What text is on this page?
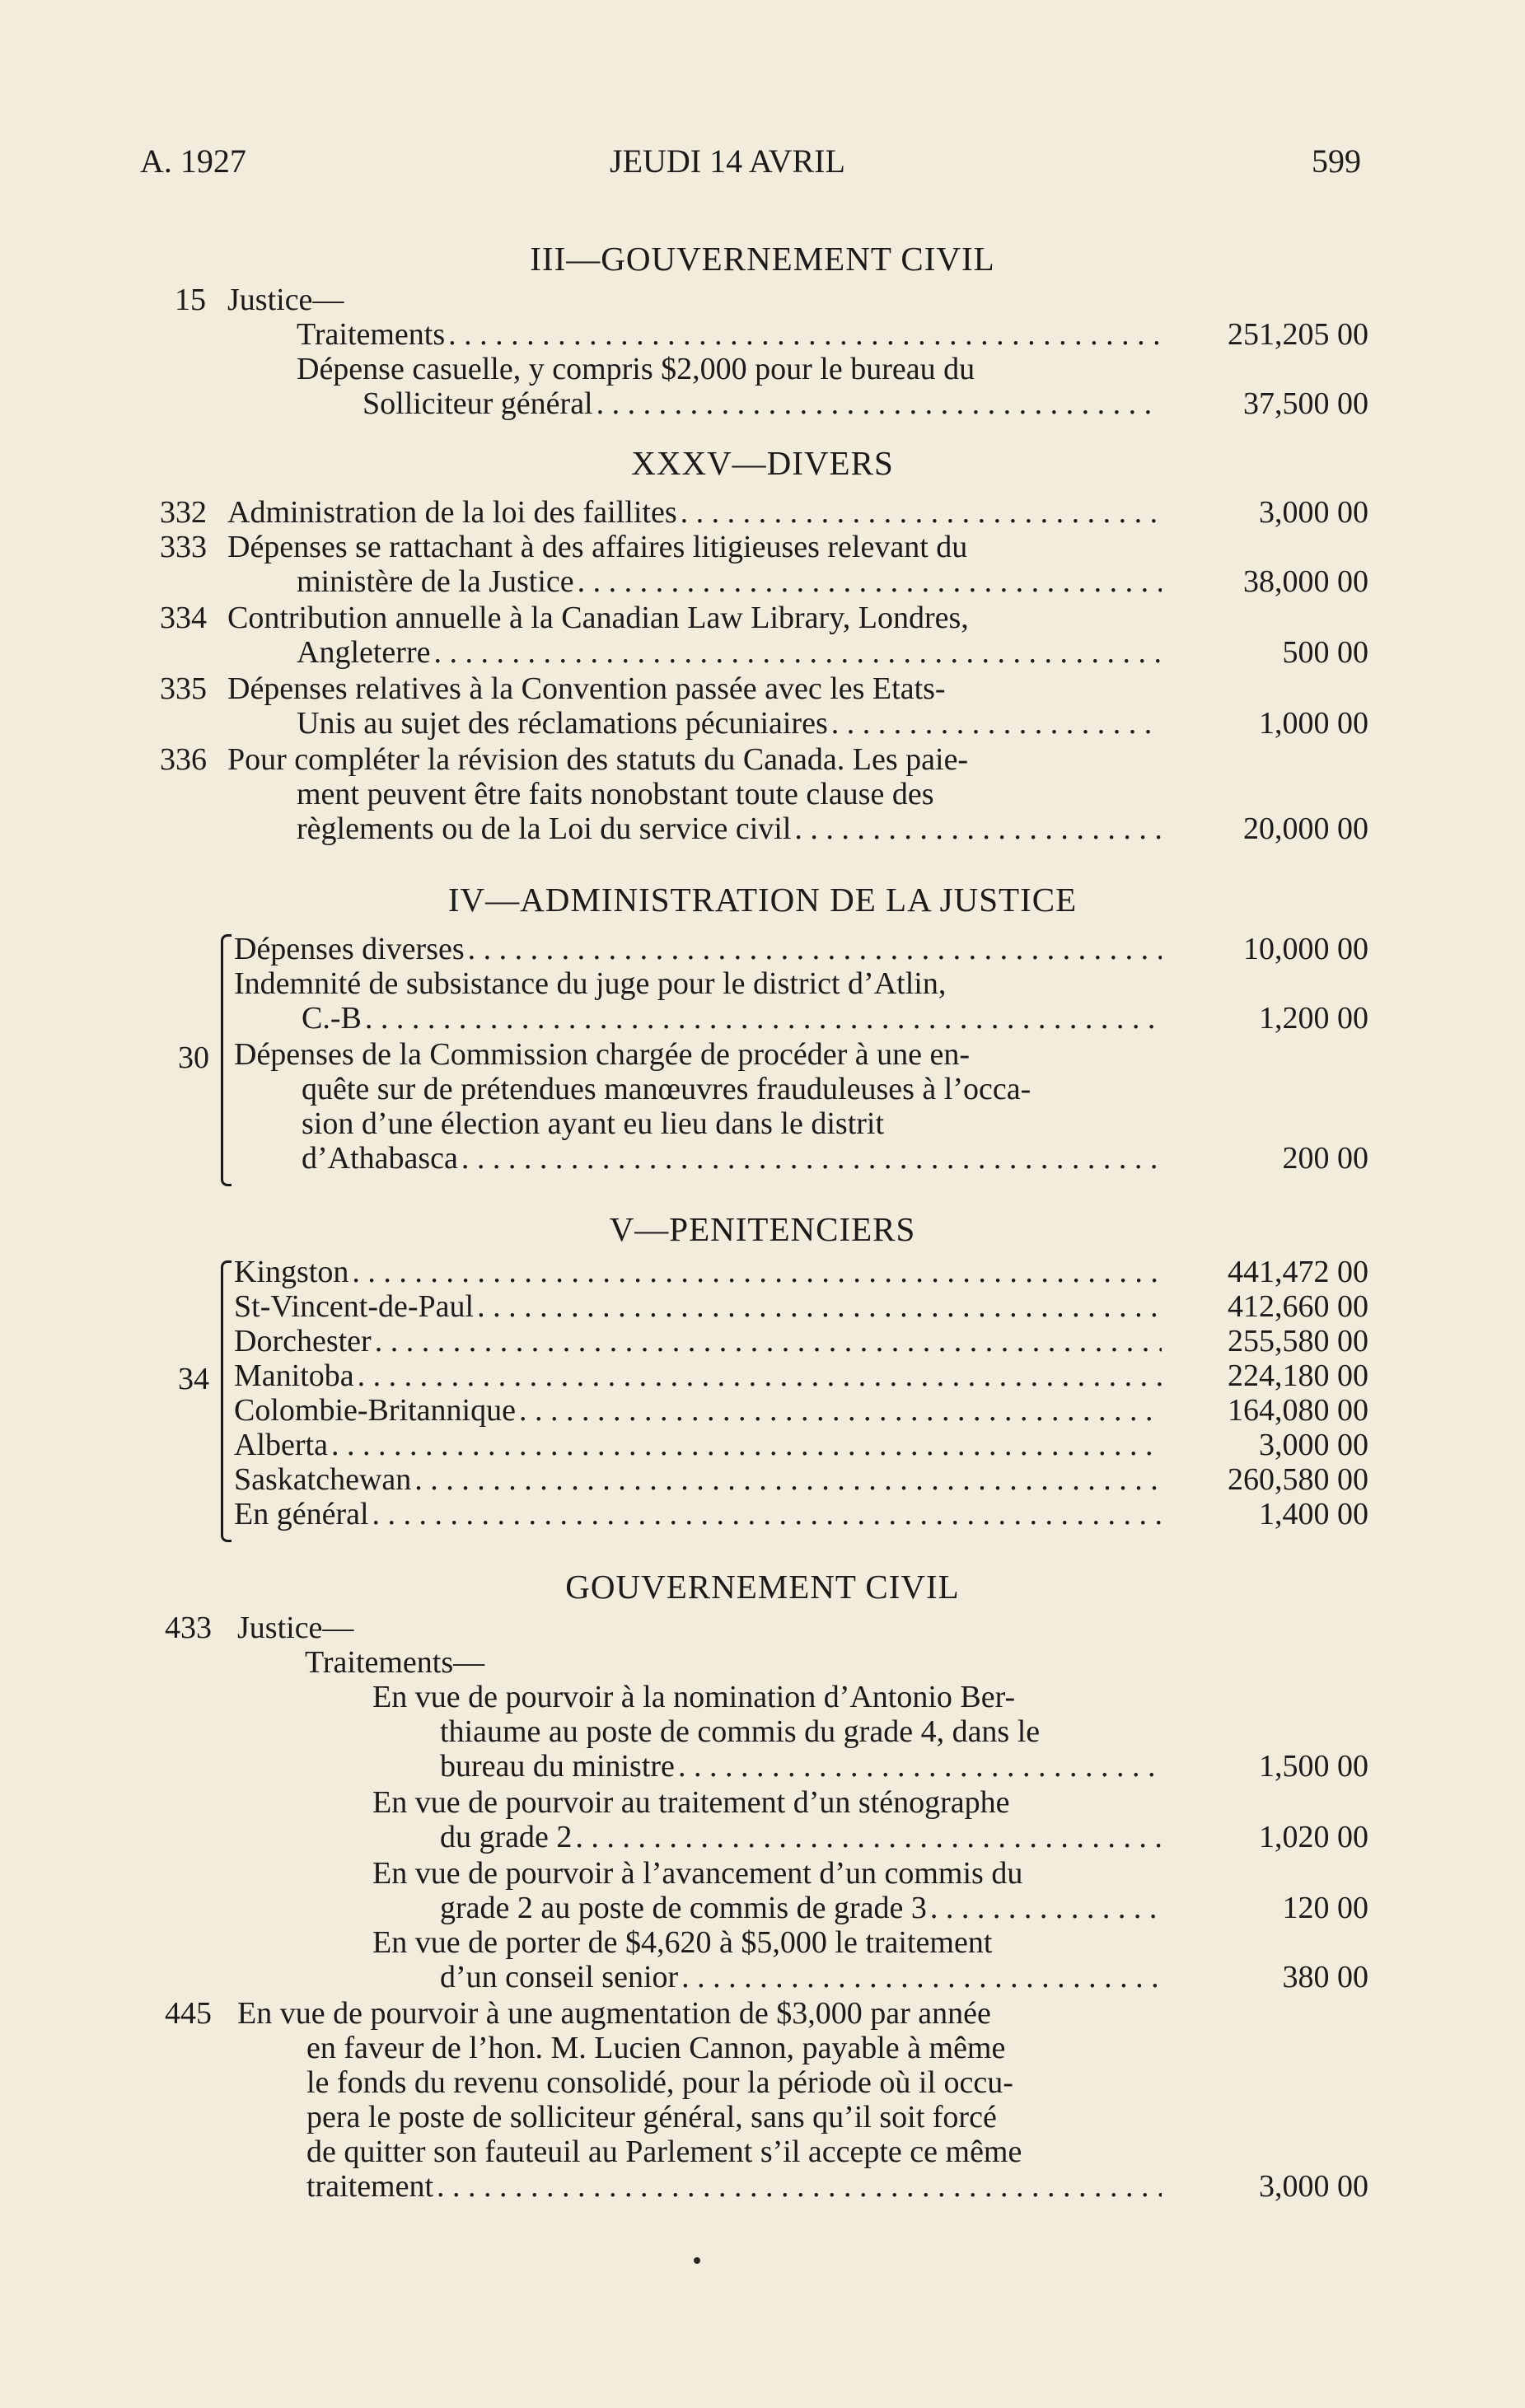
A. 1927	JEUDI 14 AVRIL	599
III—GOUVERNEMENT CIVIL
15 Justice—
Traitements . . .	251,205 00
Dépense casuelle, y compris $2,000 pour le bureau du
Solliciteur général . . .	37,500 00
XXXV—DIVERS
332 Administration de la loi des faillites . . .	3,000 00
333 Dépenses se rattachant à des affaires litigieuses relevant du
ministère de la Justice . . .	38,000 00
334 Contribution annuelle à la Canadian Law Library, Londres,
Angleterre . . .	500 00
335 Dépenses relatives à la Convention passée avec les Etats-
Unis au sujet des réclamations pécuniaires . . .	1,000 00
336 Pour compléter la révision des statuts du Canada. Les paie-
ment peuvent être faits nonobstant toute clause des
règlements ou de la Loi du service civil . . .	20,000 00
IV—ADMINISTRATION DE LA JUSTICE
30
Dépenses diverses . . .	10,000 00
Indemnité de subsistance du juge pour le district d’Atlin,
C.-B . . .	1,200 00
Dépenses de la Commission chargée de procéder à une en-
quête sur de prétendues manœuvres frauduleuses à l’occa-
sion d’une élection ayant eu lieu dans le distrit
d’Athabasca . . .	200 00
V—PENITENCIERS
34
Kingston . . .	441,472 00
St-Vincent-de-Paul . . .	412,660 00
Dorchester . . .	255,580 00
Manitoba . . .	224,180 00
Colombie-Britannique . . .	164,080 00
Alberta . . .	3,000 00
Saskatchewan . . .	260,580 00
En général . . .	1,400 00
GOUVERNEMENT CIVIL
433 Justice—
Traitements—
En vue de pourvoir à la nomination d’Antonio Ber-
thiaume au poste de commis du grade 4, dans le
bureau du ministre . . .	1,500 00
En vue de pourvoir au traitement d’un sténographe
du grade 2 . . .	1,020 00
En vue de pourvoir à l’avancement d’un commis du
grade 2 au poste de commis de grade 3 . . .	120 00
En vue de porter de $4,620 à $5,000 le traitement
d’un conseil senior . . .	380 00
445 En vue de pourvoir à une augmentation de $3,000 par année
en faveur de l’hon. M. Lucien Cannon, payable à même
le fonds du revenu consolidé, pour la période où il occu-
pera le poste de solliciteur général, sans qu’il soit forcé
de quitter son fauteuil au Parlement s’il accepte ce même
traitement . . .	3,000 00
